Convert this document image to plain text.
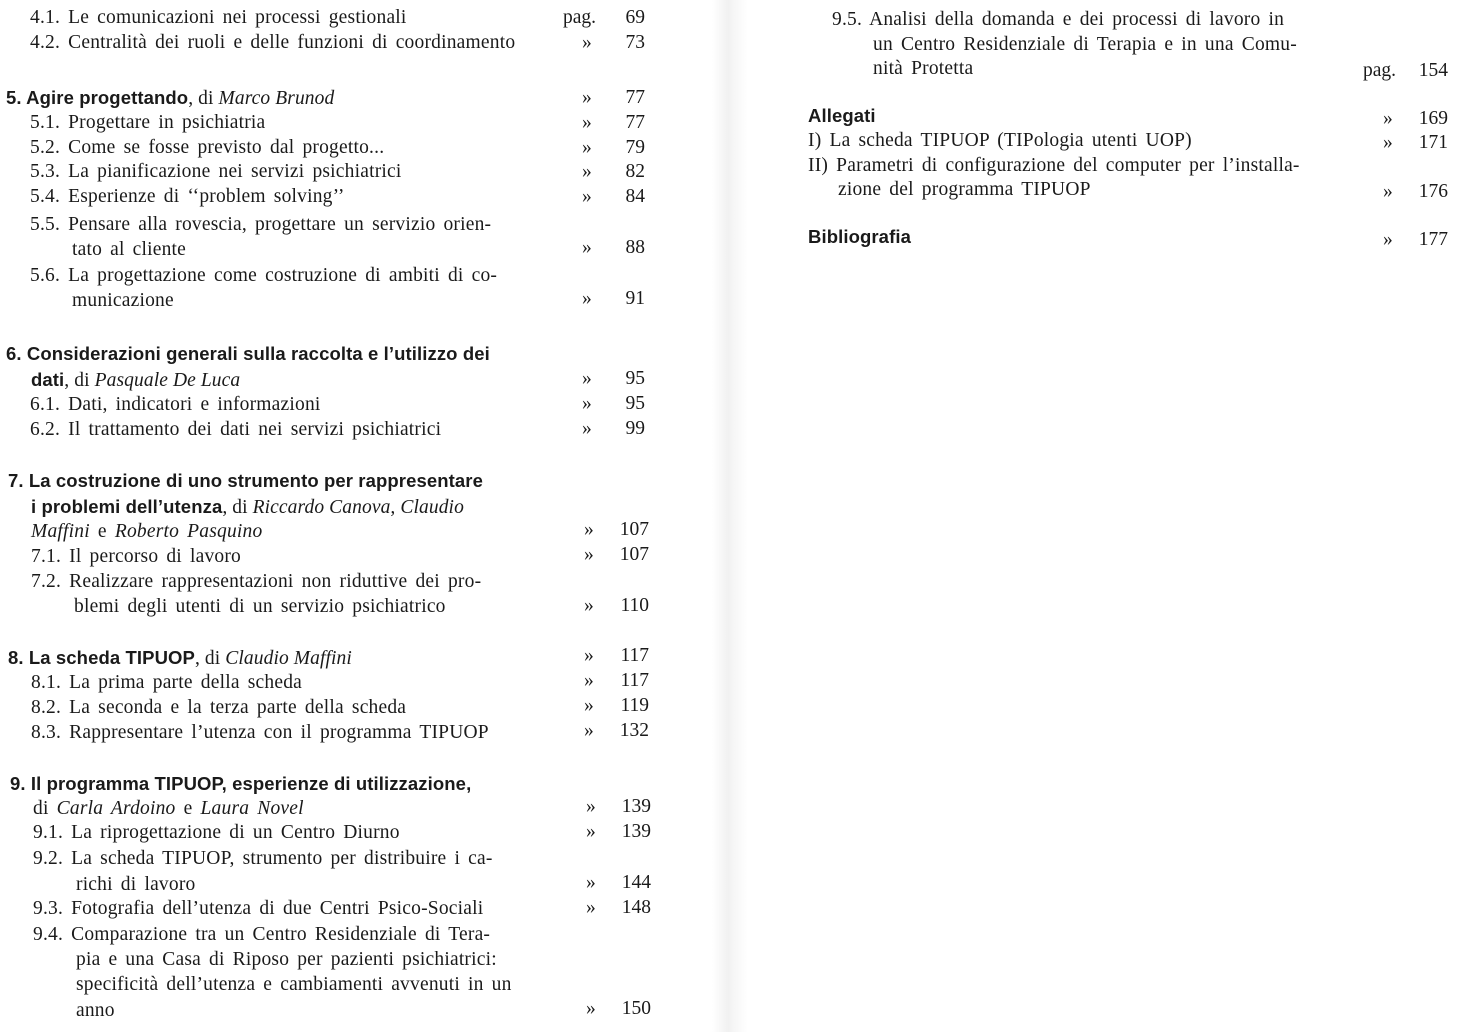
4.1. Le comunicazioni nei processi gestionali	pag.	69
4.2. Centralità dei ruoli e delle funzioni di coordinamento	»	73
5. Agire progettando, di Marco Brunod	»	77
5.1. Progettare in psichiatria	»	77
5.2. Come se fosse previsto dal progetto...	»	79
5.3. La pianificazione nei servizi psichiatrici	»	82
5.4. Esperienze di ‘‘problem solving’’	»	84
5.5. Pensare alla rovescia, progettare un servizio orien-
tato al cliente	»	88
5.6. La progettazione come costruzione di ambiti di co-
municazione	»	91
6. Considerazioni generali sulla raccolta e l’utilizzo dei
dati, di Pasquale De Luca	»	95
6.1. Dati, indicatori e informazioni	»	95
6.2. Il trattamento dei dati nei servizi psichiatrici	»	99
7. La costruzione di uno strumento per rappresentare
i problemi dell’utenza, di Riccardo Canova, Claudio
Maffini e Roberto Pasquino	»	107
7.1. Il percorso di lavoro	»	107
7.2. Realizzare rappresentazioni non riduttive dei pro-
blemi degli utenti di un servizio psichiatrico	»	110
8. La scheda TIPUOP, di Claudio Maffini	»	117
8.1. La prima parte della scheda	»	117
8.2. La seconda e la terza parte della scheda	»	119
8.3. Rappresentare l’utenza con il programma TIPUOP	»	132
9. Il programma TIPUOP, esperienze di utilizzazione,
di Carla Ardoino e Laura Novel	»	139
9.1. La riprogettazione di un Centro Diurno	»	139
9.2. La scheda TIPUOP, strumento per distribuire i ca-
richi di lavoro	»	144
9.3. Fotografia dell’utenza di due Centri Psico-Sociali	»	148
9.4. Comparazione tra un Centro Residenziale di Tera-
pia e una Casa di Riposo per pazienti psichiatrici:
specificità dell’utenza e cambiamenti avvenuti in un
anno	»	150
9.5. Analisi della domanda e dei processi di lavoro in
un Centro Residenziale di Terapia e in una Comu-
nità Protetta	pag.	154
Allegati	»	169
I) La scheda TIPUOP (TIPologia utenti UOP)	»	171
II) Parametri di configurazione del computer per l’installa-
zione del programma TIPUOP	»	176
Bibliografia	»	177
